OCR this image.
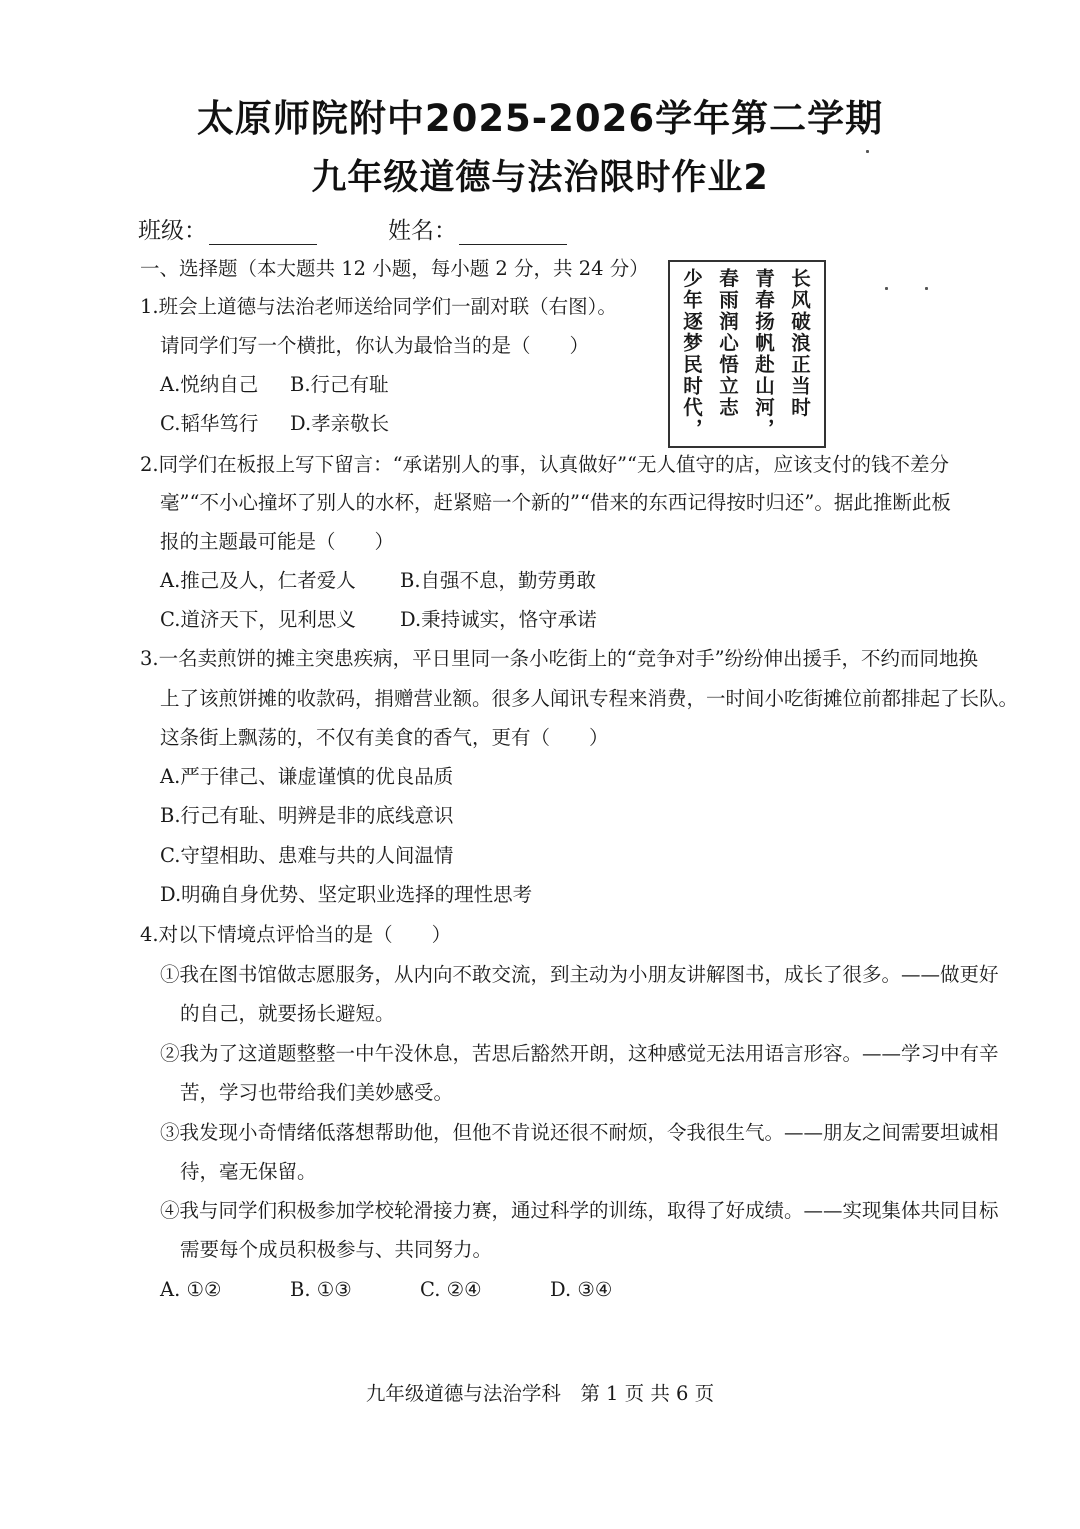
太原师院附中2025-2026学年第二学期
九年级道德与法治限时作业2
班级：	姓名：
一、选择题（本大题共 12 小题，每小题 2 分，共 24 分）	长风破浪正当时
青春扬帆赴山河，
春雨润心悟立志
少年逐梦民时代，
1.班会上道德与法治老师送给同学们一副对联（右图）。
请同学们写一个横批，你认为最恰当的是（　　）
A.悦纳自己 B.行己有耻
C.韬华笃行 D.孝亲敬长
2.同学们在板报上写下留言：“承诺别人的事，认真做好”“无人值守的店，应该支付的钱不差分
毫”“不小心撞坏了别人的水杯，赶紧赔一个新的”“借来的东西记得按时归还”。据此推断此板
报的主题最可能是（　　）
A.推己及人，仁者爱人 B.自强不息，勤劳勇敢
C.道济天下，见利思义 D.秉持诚实，恪守承诺
3.一名卖煎饼的摊主突患疾病，平日里同一条小吃街上的“竞争对手”纷纷伸出援手，不约而同地换
上了该煎饼摊的收款码，捐赠营业额。很多人闻讯专程来消费，一时间小吃街摊位前都排起了长队。
这条街上飘荡的，不仅有美食的香气，更有（　　）
A.严于律己、谦虚谨慎的优良品质
B.行己有耻、明辨是非的底线意识
C.守望相助、患难与共的人间温情
D.明确自身优势、坚定职业选择的理性思考
4.对以下情境点评恰当的是（　　）
①我在图书馆做志愿服务，从内向不敢交流，到主动为小朋友讲解图书，成长了很多。——做更好
的自己，就要扬长避短。
②我为了这道题整整一中午没休息，苦思后豁然开朗，这种感觉无法用语言形容。——学习中有辛
苦，学习也带给我们美妙感受。
③我发现小奇情绪低落想帮助他，但他不肯说还很不耐烦，令我很生气。——朋友之间需要坦诚相
待，毫无保留。
④我与同学们积极参加学校轮滑接力赛，通过科学的训练，取得了好成绩。——实现集体共同目标
需要每个成员积极参与、共同努力。
A. ①②	B. ①③	C. ②④	D. ③④
九年级道德与法治学科　第 1 页 共 6 页
